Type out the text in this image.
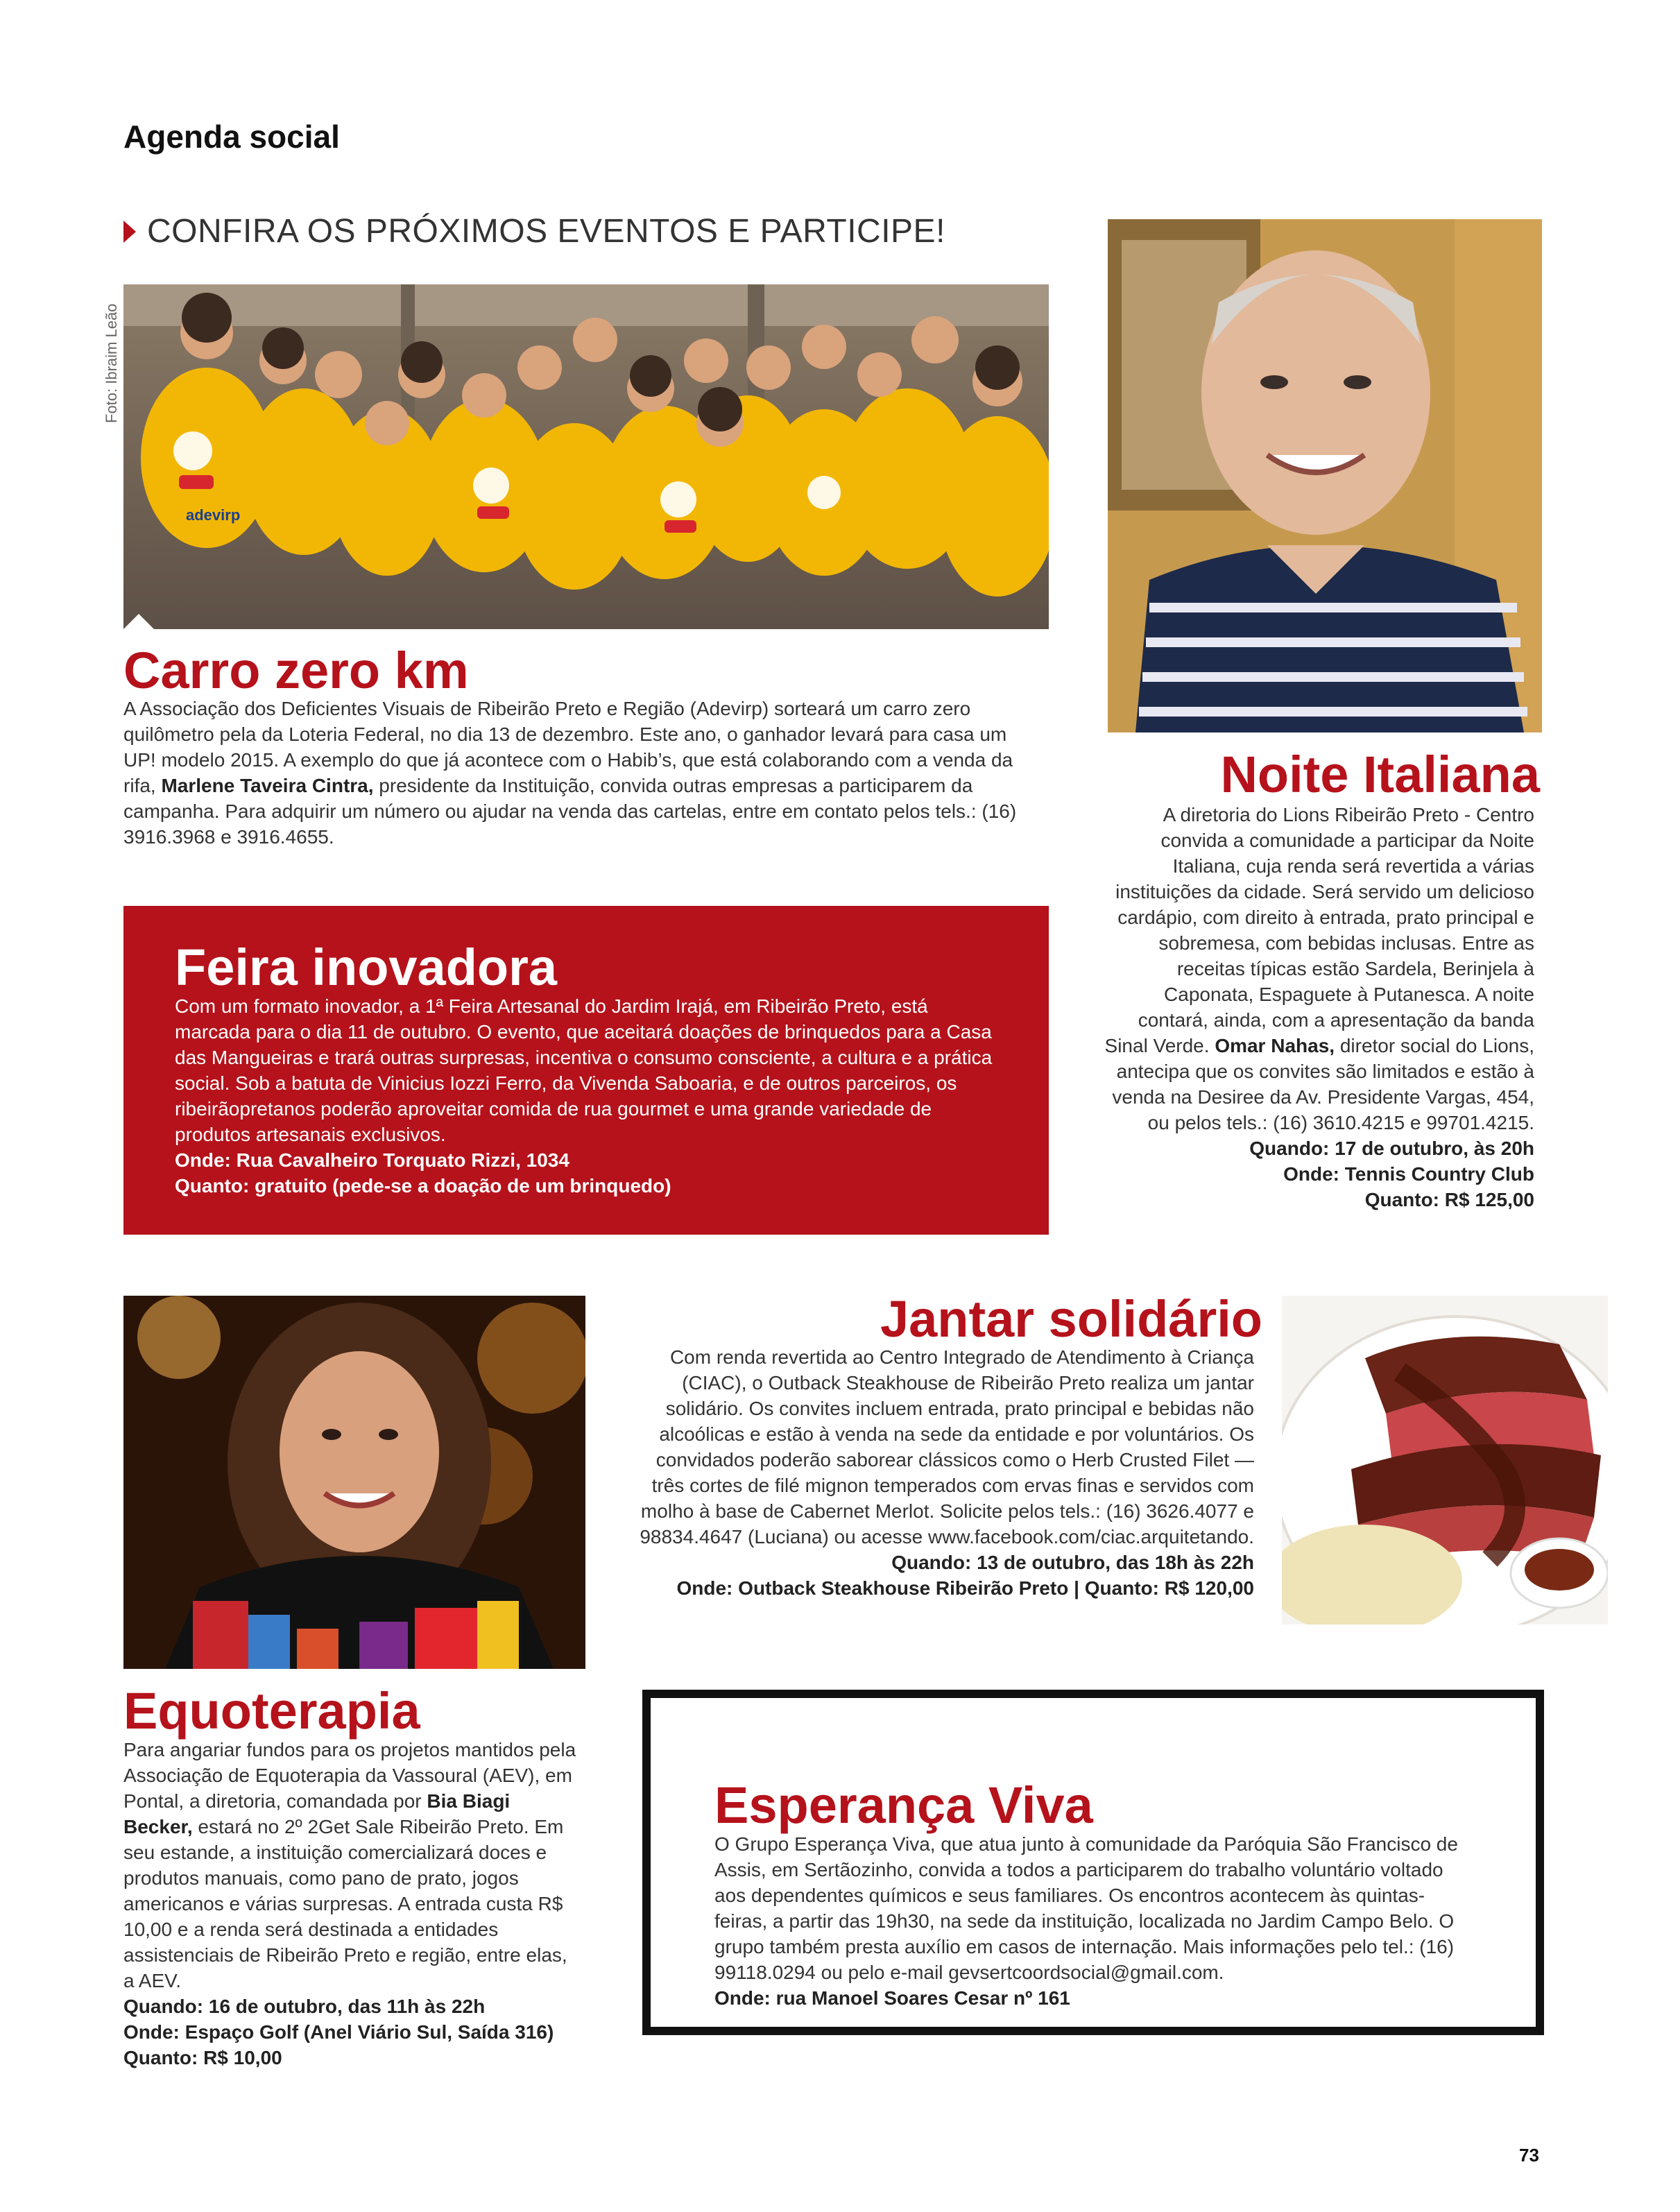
Agenda social
CONFIRA OS PRÓXIMOS EVENTOS E PARTICIPE!
Foto: Ibraim Leão
adevirp
Carro zero km
A Associação dos Deficientes Visuais de Ribeirão Preto e Região (Adevirp) sorteará um carro zero quilômetro pela da Loteria Federal, no dia 13 de dezembro. Este ano, o ganhador levará para casa um UP! modelo 2015. A exemplo do que já acontece com o Habib’s, que está colaborando com a venda da rifa, Marlene Taveira Cintra, presidente da Instituição, convida outras empresas a participarem da campanha. Para adquirir um número ou ajudar na venda das cartelas, entre em contato pelos tels.: (16) 3916.3968 e 3916.4655.
Feira inovadora
Com um formato inovador, a 1ª Feira Artesanal do Jardim Irajá, em Ribeirão Preto, está marcada para o dia 11 de outubro. O evento, que aceitará doações de brinquedos para a Casa das Mangueiras e trará outras surpresas, incentiva o consumo consciente, a cultura e a prática social. Sob a batuta de Vinicius Iozzi Ferro, da Vivenda Saboaria, e de outros parceiros, os ribeirãopretanos poderão aproveitar comida de rua gourmet e uma grande variedade de produtos artesanais exclusivos.
Onde: Rua Cavalheiro Torquato Rizzi, 1034
Quanto: gratuito (pede-se a doação de um brinquedo)
Noite Italiana
A diretoria do Lions Ribeirão Preto - Centro convida a comunidade a participar da Noite Italiana, cuja renda será revertida a várias instituições da cidade. Será servido um delicioso cardápio, com direito à entrada, prato principal e sobremesa, com bebidas inclusas. Entre as receitas típicas estão Sardela, Berinjela à Caponata, Espaguete à Putanesca. A noite contará, ainda, com a apresentação da banda Sinal Verde. Omar Nahas, diretor social do Lions, antecipa que os convites são limitados e estão à venda na Desiree da Av. Presidente Vargas, 454, ou pelos tels.: (16) 3610.4215 e 99701.4215.
Quando: 17 de outubro, às 20h
Onde: Tennis Country Club
Quanto: R$ 125,00
Equoterapia
Para angariar fundos para os projetos mantidos pela Associação de Equoterapia da Vassoural (AEV), em Pontal, a diretoria, comandada por Bia Biagi Becker, estará no 2º 2Get Sale Ribeirão Preto. Em seu estande, a instituição comercializará doces e produtos manuais, como pano de prato, jogos americanos e várias surpresas. A entrada custa R$ 10,00 e a renda será destinada a entidades assistenciais de Ribeirão Preto e região, entre elas, a AEV.
Quando: 16 de outubro, das 11h às 22h
Onde: Espaço Golf (Anel Viário Sul, Saída 316)
Quanto: R$ 10,00
Jantar solidário
Com renda revertida ao Centro Integrado de Atendimento à Criança (CIAC), o Outback Steakhouse de Ribeirão Preto realiza um jantar solidário. Os convites incluem entrada, prato principal e bebidas não alcoólicas e estão à venda na sede da entidade e por voluntários. Os convidados poderão saborear clássicos como o Herb Crusted Filet — três cortes de filé mignon temperados com ervas finas e servidos com molho à base de Cabernet Merlot. Solicite pelos tels.: (16) 3626.4077 e 98834.4647 (Luciana) ou acesse www.facebook.com/ciac.arquitetando.
Quando: 13 de outubro, das 18h às 22h
Onde: Outback Steakhouse Ribeirão Preto | Quanto: R$ 120,00
Esperança Viva
O Grupo Esperança Viva, que atua junto à comunidade da Paróquia São Francisco de Assis, em Sertãozinho, convida a todos a participarem do trabalho voluntário voltado aos dependentes químicos e seus familiares. Os encontros acontecem às quintas-feiras, a partir das 19h30, na sede da instituição, localizada no Jardim Campo Belo. O grupo também presta auxílio em casos de internação. Mais informações pelo tel.: (16) 99118.0294 ou pelo e-mail gevsertcoordsocial@gmail.com.
Onde: rua Manoel Soares Cesar nº 161
73
